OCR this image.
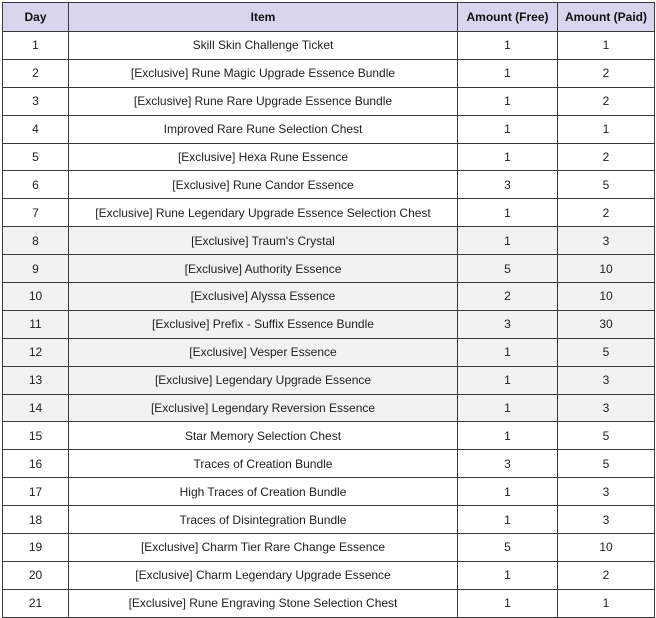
Day	Item	Amount (Free)	Amount (Paid)
1	Skill Skin Challenge Ticket	1	1
2	[Exclusive] Rune Magic Upgrade Essence Bundle	1	2
3	[Exclusive] Rune Rare Upgrade Essence Bundle	1	2
4	Improved Rare Rune Selection Chest	1	1
5	[Exclusive] Hexa Rune Essence	1	2
6	[Exclusive] Rune Candor Essence	3	5
7	[Exclusive] Rune Legendary Upgrade Essence Selection Chest	1	2
8	[Exclusive] Traum's Crystal	1	3
9	[Exclusive] Authority Essence	5	10
10	[Exclusive] Alyssa Essence	2	10
11	[Exclusive] Prefix - Suffix Essence Bundle	3	30
12	[Exclusive] Vesper Essence	1	5
13	[Exclusive] Legendary Upgrade Essence	1	3
14	[Exclusive] Legendary Reversion Essence	1	3
15	Star Memory Selection Chest	1	5
16	Traces of Creation Bundle	3	5
17	High Traces of Creation Bundle	1	3
18	Traces of Disintegration Bundle	1	3
19	[Exclusive] Charm Tier Rare Change Essence	5	10
20	[Exclusive] Charm Legendary Upgrade Essence	1	2
21	[Exclusive] Rune Engraving Stone Selection Chest	1	1
